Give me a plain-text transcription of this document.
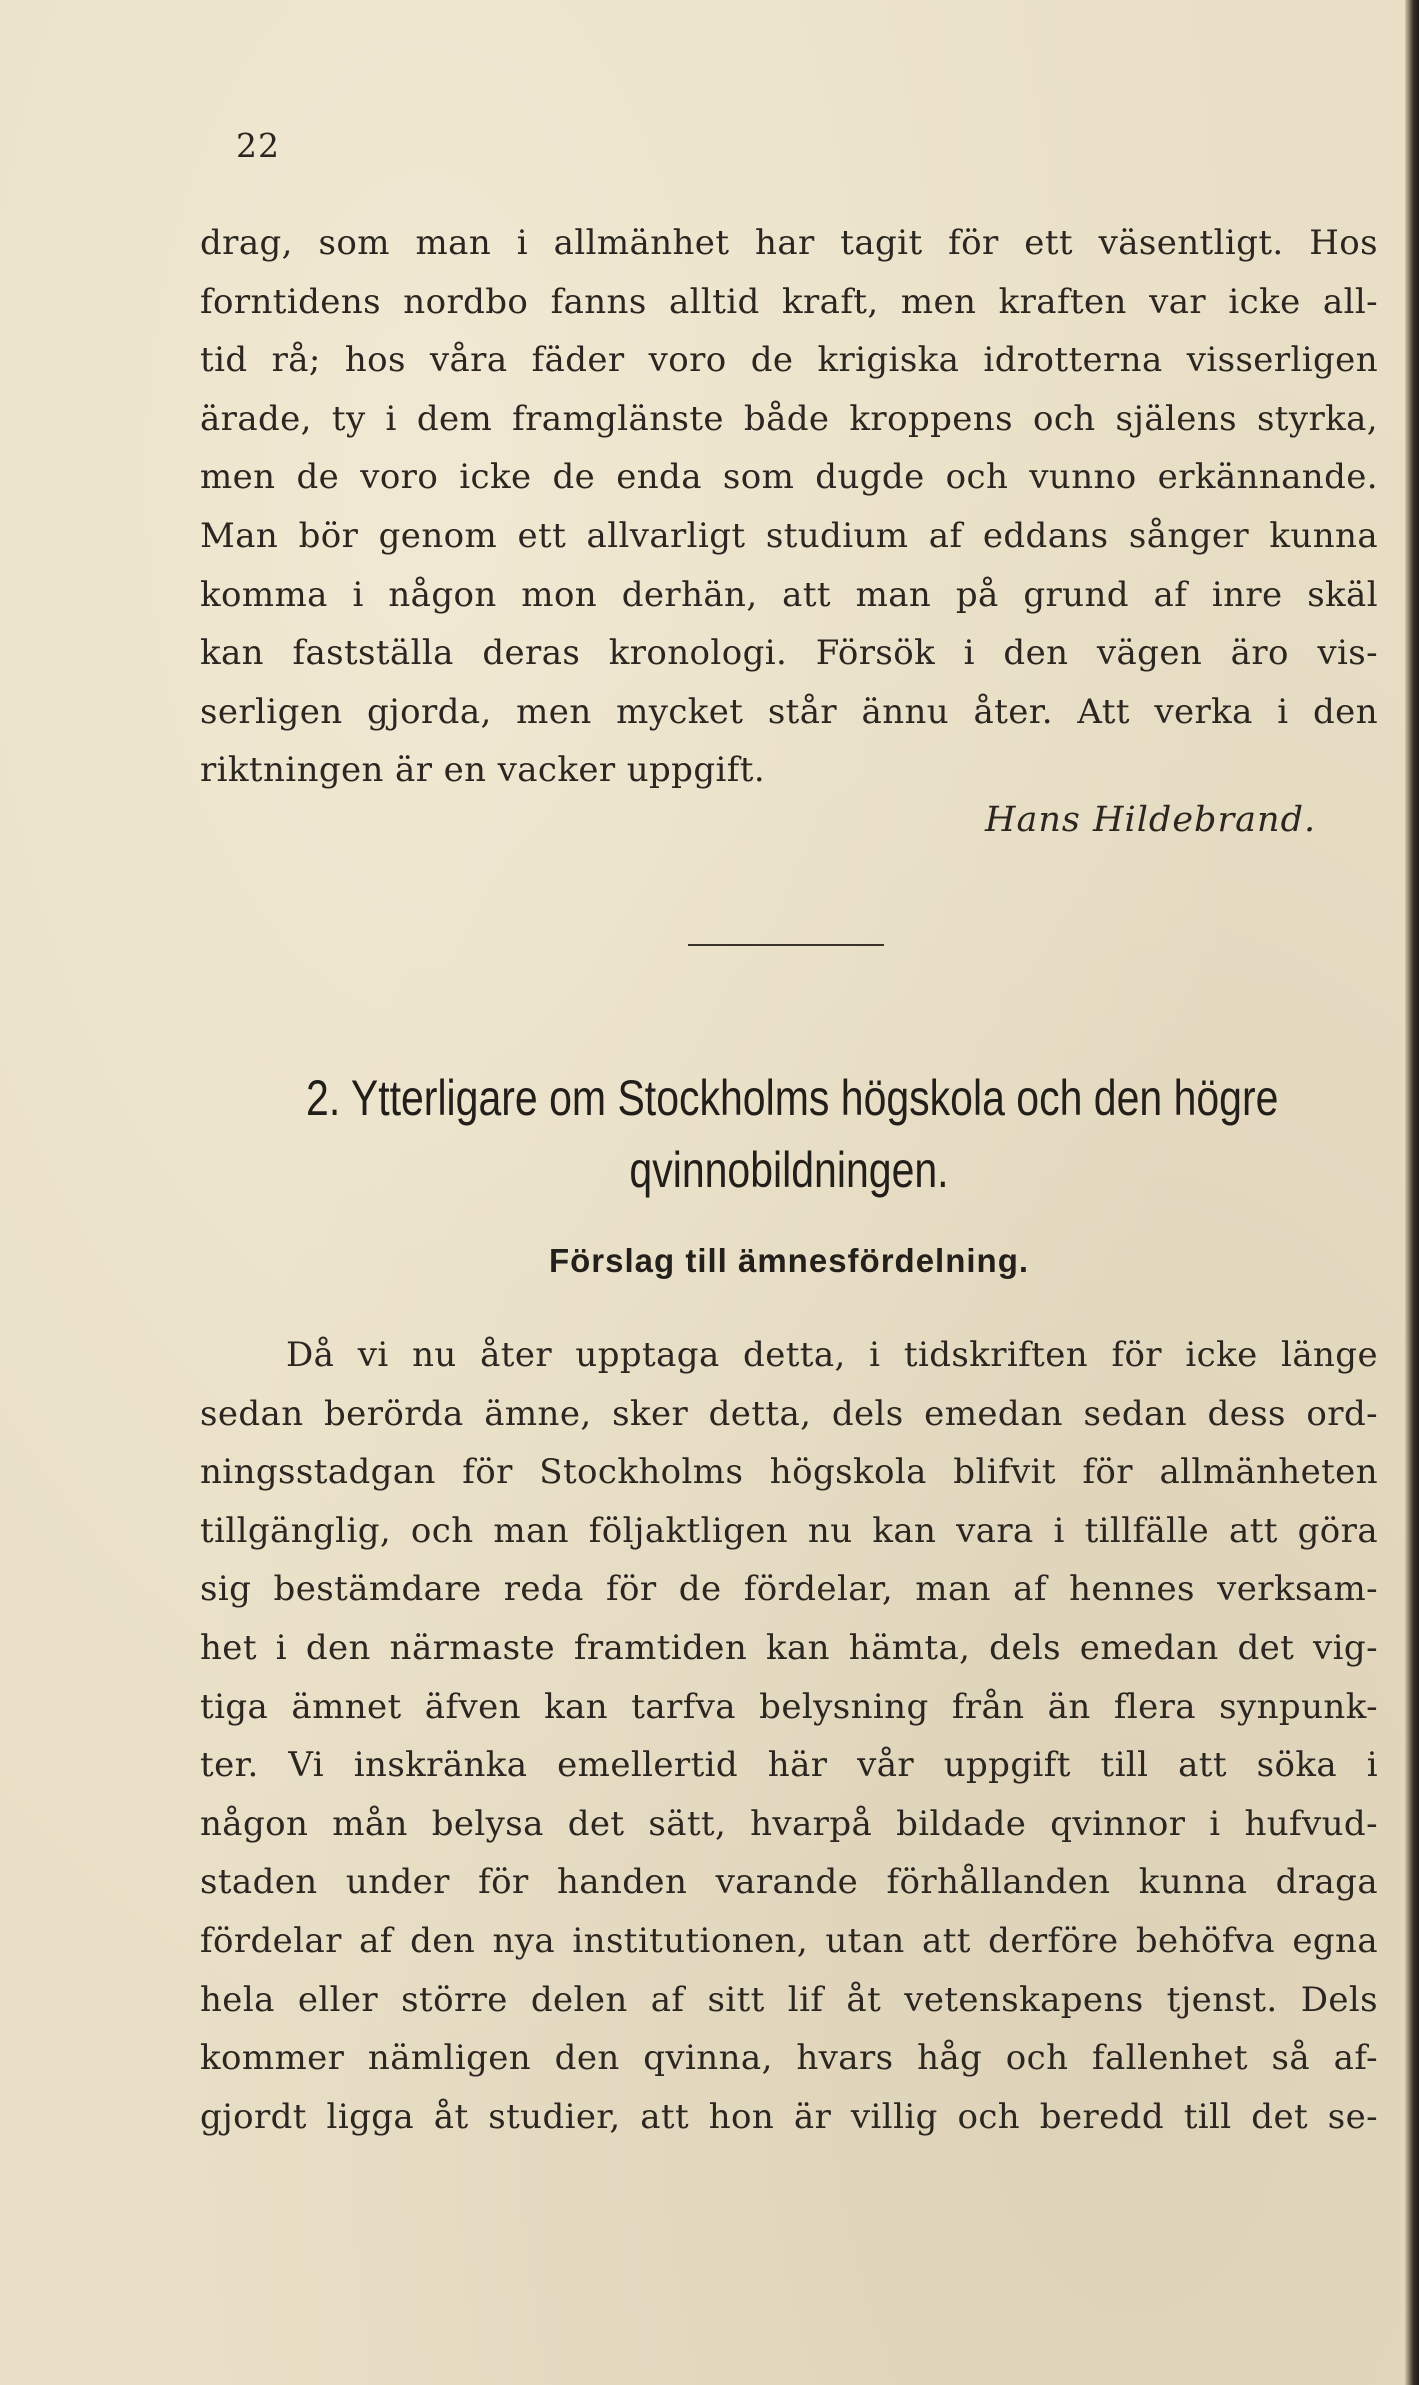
22
drag, som man i allmänhet har tagit för ett väsentligt. Hos
forntidens nordbo fanns alltid kraft, men kraften var icke all-
tid rå; hos våra fäder voro de krigiska idrotterna visserligen
ärade, ty i dem framglänste både kroppens och själens styrka,
men de voro icke de enda som dugde och vunno erkännande.
Man bör genom ett allvarligt studium af eddans sånger kunna
komma i någon mon derhän, att man på grund af inre skäl
kan fastställa deras kronologi. Försök i den vägen äro vis-
serligen gjorda, men mycket står ännu åter. Att verka i den
riktningen är en vacker uppgift.
Hans Hildebrand.
2. Ytterligare om Stockholms högskola och den högre
qvinnobildningen.
Förslag till ämnesfördelning.
Då vi nu åter upptaga detta, i tidskriften för icke länge
sedan berörda ämne, sker detta, dels emedan sedan dess ord-
ningsstadgan för Stockholms högskola blifvit för allmänheten
tillgänglig, och man följaktligen nu kan vara i tillfälle att göra
sig bestämdare reda för de fördelar, man af hennes verksam-
het i den närmaste framtiden kan hämta, dels emedan det vig-
tiga ämnet äfven kan tarfva belysning från än flera synpunk-
ter. Vi inskränka emellertid här vår uppgift till att söka i
någon mån belysa det sätt, hvarpå bildade qvinnor i hufvud-
staden under för handen varande förhållanden kunna draga
fördelar af den nya institutionen, utan att derföre behöfva egna
hela eller större delen af sitt lif åt vetenskapens tjenst. Dels
kommer nämligen den qvinna, hvars håg och fallenhet så af-
gjordt ligga åt studier, att hon är villig och beredd till det se-
